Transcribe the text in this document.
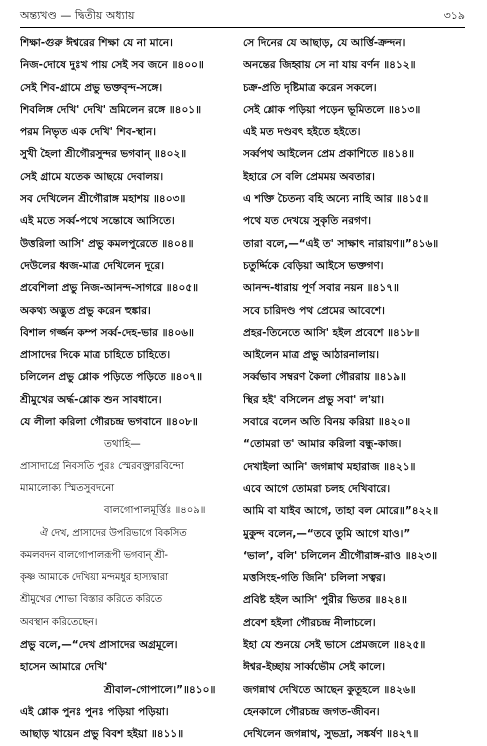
অন্ত্যখণ্ড — দ্বিতীয় অধ্যায়	৩১৯
শিক্ষা-গুরু ঈশ্বরের শিক্ষা যে না মানে।
নিজ-দোষে দুঃখ পায় সেই সব জনে ॥৪০০॥
সেই শিব-গ্রামে প্রভু ভক্তবৃন্দ-সঙ্গে।
শিবলিঙ্গ দেখি' দেখি' ভ্রমিলেন রঙ্গে ॥৪০১॥
পরম নিভৃত এক দেখি' শিব-স্থান।
সুখী হৈলা শ্রীগৌরসুন্দর ভগবান্ ॥৪০২॥
সেই গ্রামে যতেক আছয়ে দেবালয়।
সব দেখিলেন শ্রীগৌরাঙ্গ মহাশয় ॥৪০৩॥
এই মতে সর্ব্ব-পথে সন্তোষে আসিতে।
উত্তরিলা আসি' প্রভু কমলপুরেতে ॥৪০৪॥
দেউলের ধ্বজ-মাত্র দেখিলেন দূরে।
প্রবেশিলা প্রভু নিজ-আনন্দ-সাগরে ॥৪০৫॥
অকথ্য অদ্ভুত প্রভু করেন হুঙ্কার।
বিশাল গর্জ্জন কম্প সর্ব্ব-দেহ-ভার ॥৪০৬॥
প্রাসাদের দিকে মাত্র চাহিতে চাহিতে।
চলিলেন প্রভু শ্লোক পড়িতে পড়িতে ॥৪০৭॥
শ্রীমুখের অর্দ্ধ-শ্লোক শুন সাবধানে।
যে লীলা করিলা গৌরচন্দ্র ভগবানে ॥৪০৮॥
তথাহি—
প্রাসাদাগ্রে নিবসতি পুরঃ স্মেরবক্ত্রারবিন্দো
মামালোক্য স্মিতসুবদনো
বালগোপালমূর্ত্তিঃ ॥৪০৯॥
ঐ দেখ, প্রাসাদের উপরিভাগে বিকসিত
কমলবদন বালগোপালরূপী ভগবান্ শ্রী-
কৃষ্ণ আমাকে দেখিয়া মন্দমধুর হাস্যদ্বারা
শ্রীমুখের শোভা বিস্তার করিতে করিতে
অবস্থান করিতেছেন।
প্রভু বলে,—“দেখ প্রাসাদের অগ্রমূলে।
হাসেন আমারে দেখি'
শ্রীবাল-গোপালে।”॥৪১০॥
এই শ্লোক পুনঃ পুনঃ পড়িয়া পড়িয়া।
আছাড় খায়েন প্রভু বিবশ হইয়া ॥৪১১॥
সে দিনের যে আছাড়, যে আর্ত্তি-ক্রন্দন।
অনন্তের জিহ্বায় সে না যায় বর্ণন ॥৪১২॥
চক্র-প্রতি দৃষ্টিমাত্র করেন সকলে।
সেই শ্লোক পড়িয়া পড়েন ভূমিতলে ॥৪১৩॥
এই মত দণ্ডবৎ হইতে হইতে।
সর্ব্বপথ আইলেন প্রেম প্রকাশিতে ॥৪১৪॥
ইহারে সে বলি প্রেমময় অবতার।
এ শক্তি চৈতন্য বহি অন্যে নাহি আর ॥৪১৫॥
পথে যত দেখয়ে সুকৃতি নরগণ।
তারা বলে,—“এই ত' সাক্ষাৎ নারায়ণ॥”৪১৬॥
চতুর্দ্দিকে বেড়িয়া আইসে ভক্তগণ।
আনন্দ-ধারায় পূর্ণ সবার নয়ন ॥৪১৭॥
সবে চারিদণ্ড পথ প্রেমের আবেশে।
প্রহর-তিনেতে আসি' হইল প্রবেশে ॥৪১৮॥
আইলেন মাত্র প্রভু আঠারনালায়।
সর্ব্বভাব সম্বরণ কৈলা গৌররায় ॥৪১৯॥
স্থির হই' বসিলেন প্রভু সবা' ল'য়া।
সবারে বলেন অতি বিনয় করিয়া ॥৪২০॥
“তোমরা ত' আমার করিলা বন্ধু-কাজ।
দেখাইলা আনি' জগন্নাথ মহারাজ ॥৪২১॥
এবে আগে তোমরা চলহ দেখিবারে।
আমি বা যাইব আগে, তাহা বল মোরে॥”৪২২॥
মুকুন্দ বলেন,—“তবে তুমি আগে যাও।”
‘ভাল’, বলি' চলিলেন শ্রীগৌরাঙ্গ-রাও ॥৪২৩॥
মত্তসিংহ-গতি জিনি' চলিলা সত্বর।
প্রবিষ্ট হইল আসি' পুরীর ভিতর ॥৪২৪॥
প্রবেশ হইলা গৌরচন্দ্র নীলাচলে।
ইহা যে শুনয়ে সেই ভাসে প্রেমজলে ॥৪২৫॥
ঈশ্বর-ইচ্ছায় সার্ব্বভৌম সেই কালে।
জগন্নাথ দেখিতে আছেন কুতূহলে ॥৪২৬॥
হেনকালে গৌরচন্দ্র জগত-জীবন।
দেখিলেন জগন্নাথ, সুভদ্রা, সঙ্কর্ষণ ॥৪২৭॥
